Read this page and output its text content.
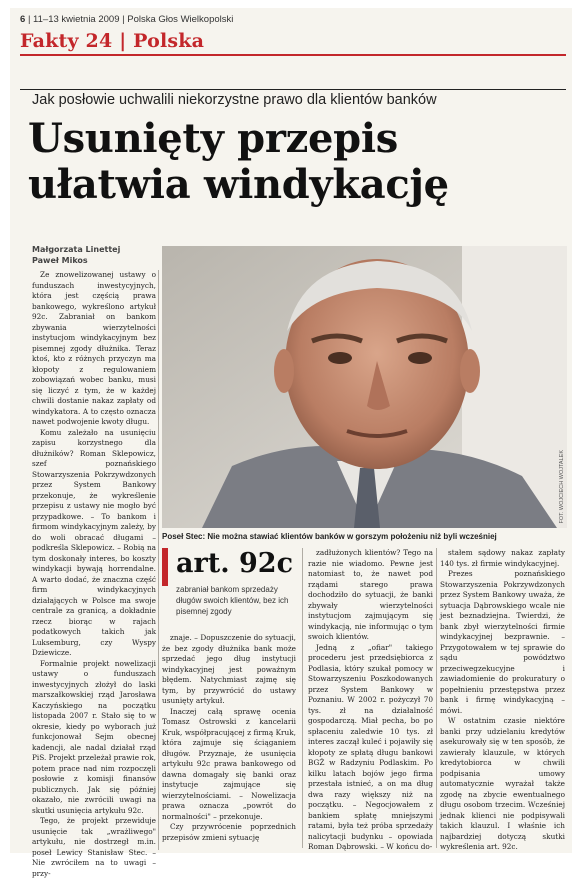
6 | 11–13 kwietnia 2009 | Polska Głos Wielkopolski
Fakty 24 | Polska
Jak posłowie uchwalili niekorzystne prawo dla klientów banków
Usunięty przepis
ułatwia windykację
Małgorzata Linettej
Paweł Mikos

Ze znowelizowanej ustawy o funduszach inwestycyjnych, która jest częścią prawa bankowego, wykreślono artykuł 92c. Zabraniał on bankom zbywania wierzytelności instytucjom windykacyjnym bez pisemnej zgody dłużnika. Teraz ktoś, kto z różnych przyczyn ma kłopoty z regulowaniem zobowiązań wobec banku, musi się liczyć z tym, że w każdej chwili dostanie nakaz zapłaty od windykatora. A to często oznacza nawet podwojenie kwoty długu.

Komu zależało na usunięciu zapisu korzystnego dla dłużników? Roman Sklepowicz, szef poznańskiego Stowarzyszenia Pokrzywdzonych przez System Bankowy przekonuje, że wykreślenie przepisu z ustawy nie mogło być przypadkowe. – To bankom i firmom windykacyjnym zależy, by do woli obracać długami – podkreśla Sklepowicz. – Robią na tym doskonały interes, bo koszty windykacji bywają horrendalne. A warto dodać, że znaczna część firm windykacyjnych działających w Polsce ma swoje centrale za granicą, a dokładnie rzecz biorąc w rajach podatkowych takich jak Luksemburg, czy Wyspy Dziewicze.

Formalnie projekt nowelizacji ustawy o funduszach inwestycyjnych złożył do laski marszałkowskiej rząd Jarosława Kaczyńskiego na początku listopada 2007 r. Stało się to w okresie, kiedy po wyborach już funkcjonował Sejm obecnej kadencji, ale nadal działał rząd PiS. Projekt przeleżał prawie rok, potem prace nad nim rozpoczęli posłowie z komisji finansów publicznych. Jak się później okazało, nie zwrócili uwagi na skutki usunięcia artykułu 92c.

Tego, że projekt przewiduje usunięcie tak „wrażliwego" artykułu, nie dostrzegł m.in. poseł Lewicy Stanisław Stec. – Nie zwróciłem na to uwagi – przy-

FOT. WOJCIECH WOJTALEK
Poseł Stec: Nie można stawiać klientów banków w gorszym położeniu niż byli wcześniej
art. 92c
zabraniał bankom sprzedaży długów swoich klientów, bez ich pisemnej zgody

znaje. – Dopuszczenie do sytuacji, że bez zgody dłużnika bank może sprzedać jego dług instytucji windykacyjnej jest poważnym błędem. Natychmiast zajmę się tym, by przywrócić do ustawy usunięty artykuł.

Inaczej całą sprawę ocenia Tomasz Ostrowski z kancelarii Kruk, współpracującej z firmą Kruk, która zajmuje się ściąganiem długów. Przyznaje, że usunięcia artykułu 92c prawa bankowego od dawna domagały się banki oraz instytucje zajmujące się wierzytelnościami. – Nowelizacja prawa oznacza „powrót do normalności" – przekonuje.

Czy przywrócenie poprzednich przepisów zmieni sytuację

zadłużonych klientów? Tego na razie nie wiadomo. Pewne jest natomiast to, że nawet pod rządami starego prawa dochodziło do sytuacji, że banki zbywały wierzytelności instytucjom zajmującym się windykacją, nie informując o tym swoich klientów.

Jedną z „ofiar" takiego procederu jest przedsiębiorca z Podlasia, który szukał pomocy w Stowarzyszeniu Poszkodowanych przez System Bankowy w Poznaniu. W 2002 r. pożyczył 70 tys. zł na działalność gospodarczą. Miał pecha, bo po spłaceniu zaledwie 10 tys. zł interes zaczął kuleć i pojawiły się kłopoty ze spłatą długu bankowi BGŻ w Radzyniu Podlaskim. Po kilku latach bojów jego firma przestała istnieć, a on ma dług dwa razy większy niż na początku. – Negocjowałem z bankiem spłatę mniejszymi ratami, była też próba sprzedaży nalicytacji budynku – opowiada Roman Dąbrowski. – W końcu do-

stałem sądowy nakaz zapłaty 140 tys. zł firmie windykacyjnej.

Prezes poznańskiego Stowarzyszenia Pokrzywdzonych przez System Bankowy uważa, że sytuacja Dąbrowskiego wcale nie jest beznadziejna. Twierdzi, że bank zbył wierzytelności firmie windykacyjnej bezprawnie. – Przygotowałem w tej sprawie do sądu powództwo przeciwegzekucyjne i zawiadomienie do prokuratury o popełnieniu przestępstwa przez bank i firmę windykacyjną – mówi.

W ostatnim czasie niektóre banki przy udzielaniu kredytów asekurowały się w ten sposób, że zawierały klauzule, w których kredytobiorca w chwili podpisania umowy automatycznie wyrażał także zgodę na zbycie ewentualnego długu osobom trzecim. Wcześniej jednak klienci nie podpisywali takich klauzul. I właśnie ich najbardziej dotyczą skutki wykreślenia art. 92c.
